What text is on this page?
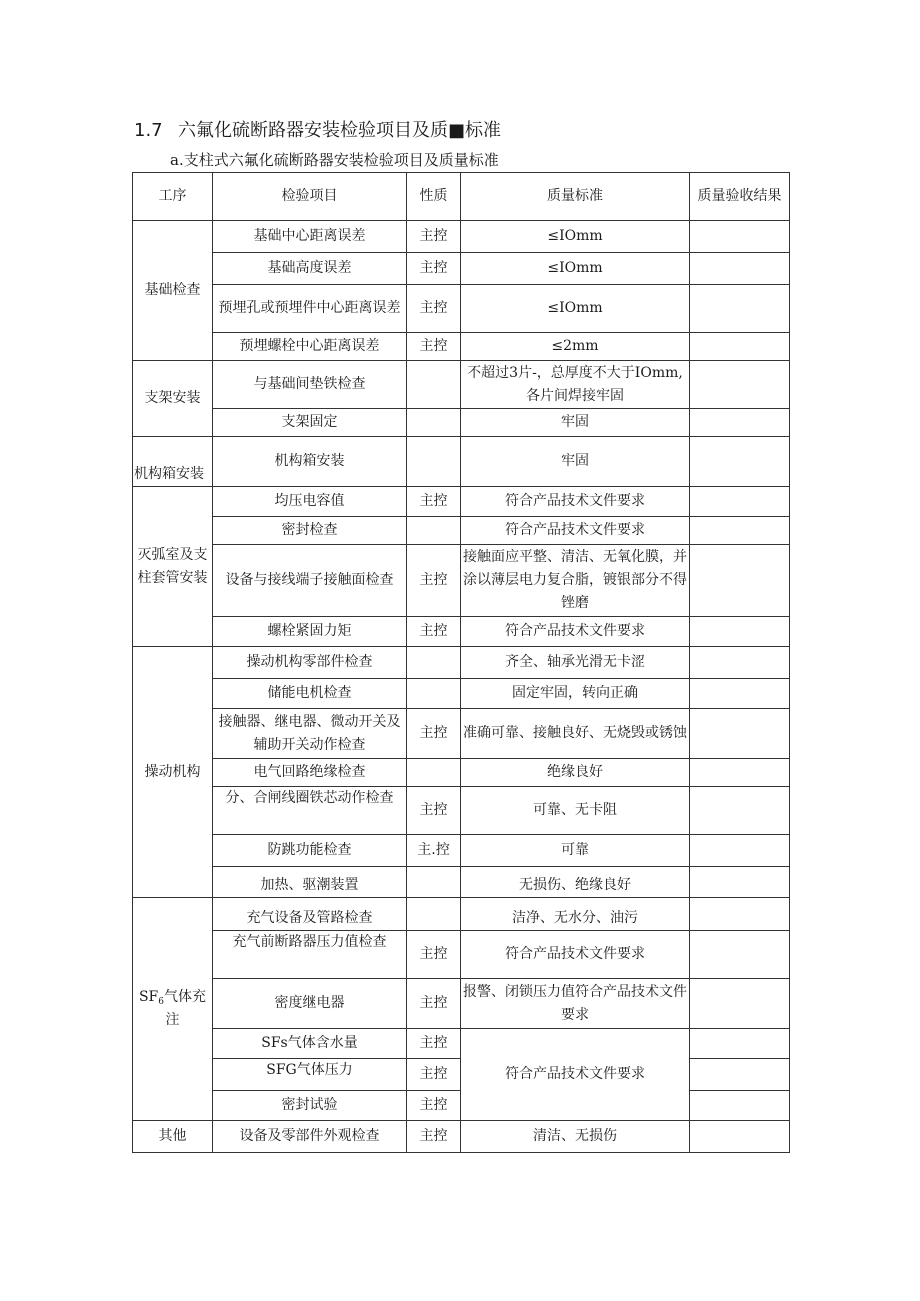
1.7 六氟化硫断路器安装检验项目及质■标准
a.支柱式六氟化硫断路器安装检验项目及质量标准
工序	检验项目	性质	质量标准	质量验收结果
基础检查	基础中心距离误差	主控	≤IOmm	
	基础高度误差	主控	≤IOmm	
	预埋孔或预埋件中心距离误差	主控	≤IOmm	
	预埋螺栓中心距离误差	主控	≤2mm	
支架安装	与基础间垫铁检查		不超过3片-，总厚度不大于IOmm,各片间焊接牢固	
	支架固定		牢固	
机构箱安装	机构箱安装		牢固	
灭弧室及支柱套管安装	均压电容值	主控	符合产品技术文件要求	
	密封检查		符合产品技术文件要求	
	设备与接线端子接触面检查	主控	接触面应平整、清洁、无氧化膜，并涂以薄层电力复合脂，镀银部分不得锉磨	
	螺栓紧固力矩	主控	符合产品技术文件要求	
操动机构	操动机构零部件检查		齐全、轴承光滑无卡涩	
	储能电机检查		固定牢固，转向正确	
	接触器、继电器、微动开关及辅助开关动作检查	主控	准确可靠、接触良好、无烧毁或锈蚀	
	电气回路绝缘检查		绝缘良好	
	分、合闸线圈铁芯动作检查	主控	可靠、无卡阻	
	防跳功能检查	主.控	可靠	
	加热、驱潮装置		无损伤、绝缘良好	
$SF_6$气体充注	充气设备及管路检查		洁净、无水分、油污	
	充气前断路器压力值检查	主控	符合产品技术文件要求	
	密度继电器	主控	报警、闭锁压力值符合产品技术文件要求	
	SFs气体含水量	主控	符合产品技术文件要求	
	SFG气体压力	主控		
	密封试验	主控		
其他	设备及零部件外观检查	主控	清洁、无损伤	
